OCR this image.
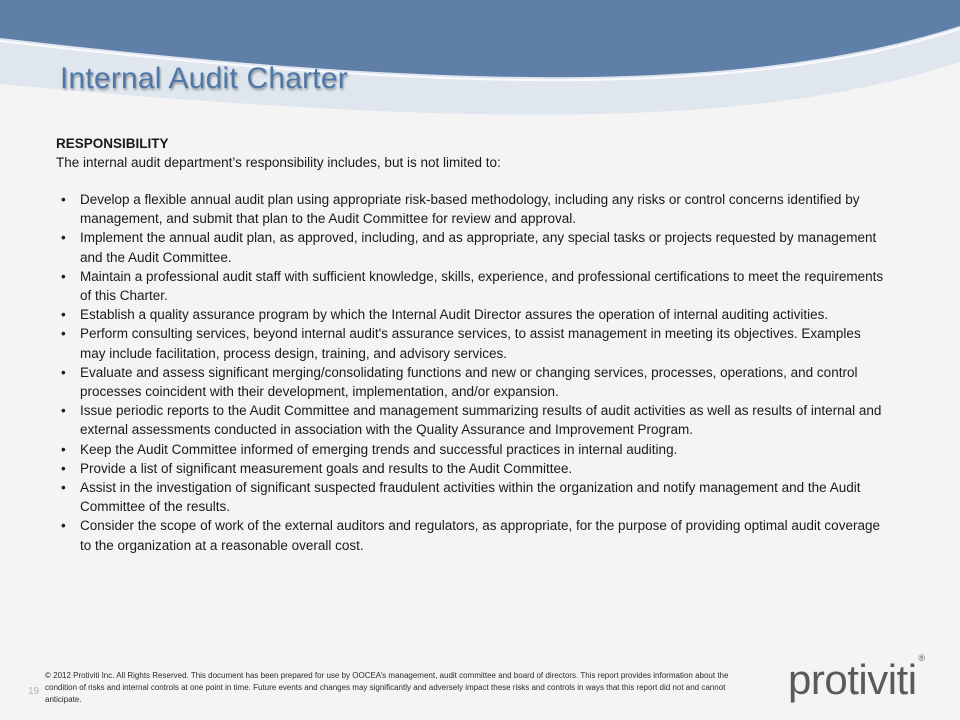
Internal Audit Charter
RESPONSIBILITY
The internal audit department’s responsibility includes, but is not limited to:
• Develop a flexible annual audit plan using appropriate risk-based methodology, including any risks or control concerns identified by management, and submit that plan to the Audit Committee for review and approval.
• Implement the annual audit plan, as approved, including, and as appropriate, any special tasks or projects requested by management and the Audit Committee.
• Maintain a professional audit staff with sufficient knowledge, skills, experience, and professional certifications to meet the requirements of this Charter.
• Establish a quality assurance program by which the Internal Audit Director assures the operation of internal auditing activities.
• Perform consulting services, beyond internal audit's assurance services, to assist management in meeting its objectives. Examples may include facilitation, process design, training, and advisory services.
• Evaluate and assess significant merging/consolidating functions and new or changing services, processes, operations, and control processes coincident with their development, implementation, and/or expansion.
• Issue periodic reports to the Audit Committee and management summarizing results of audit activities as well as results of internal and external assessments conducted in association with the Quality Assurance and Improvement Program.
• Keep the Audit Committee informed of emerging trends and successful practices in internal auditing.
• Provide a list of significant measurement goals and results to the Audit Committee.
• Assist in the investigation of significant suspected fraudulent activities within the organization and notify management and the Audit Committee of the results.
• Consider the scope of work of the external auditors and regulators, as appropriate, for the purpose of providing optimal audit coverage to the organization at a reasonable overall cost.
19
© 2012 Protiviti Inc. All Rights Reserved. This document has been prepared for use by OOCEA’s management, audit committee and board of directors. This report provides information about the condition of risks and internal controls at one point in time. Future events and changes may significantly and adversely impact these risks and controls in ways that this report did not and cannot anticipate.	protiviti ®
